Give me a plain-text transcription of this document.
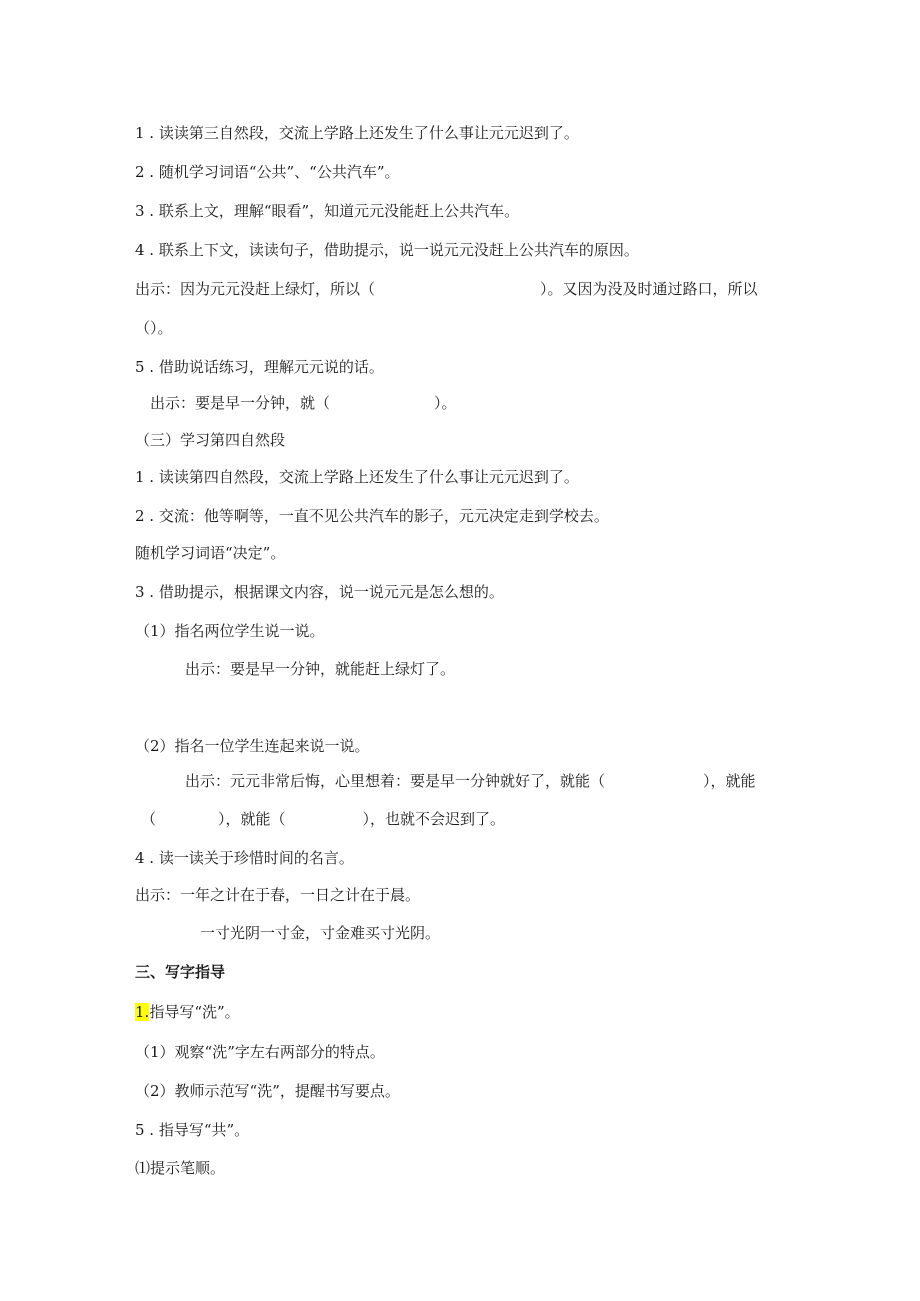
1 . 读读第三自然段，交流上学路上还发生了什么事让元元迟到了。

2 . 随机学习词语“公共”、“公共汽车”。

3 . 联系上文，理解“眼看”，知道元元没能赶上公共汽车。

4 . 联系上下文，读读句子，借助提示，说一说元元没赶上公共汽车的原因。

出示：因为元元没赶上绿灯，所以（	）。又因为没及时通过路口，所以

（）。

5 . 借助说话练习，理解元元说的话。

出示：要是早一分钟，就（	）。

（三）学习第四自然段

1 . 读读第四自然段，交流上学路上还发生了什么事让元元迟到了。

2 . 交流：他等啊等，一直不见公共汽车的影子，元元决定走到学校去。

随机学习词语“决定”。

3 . 借助提示，根据课文内容，说一说元元是怎么想的。

（1）指名两位学生说一说。

出示：要是早一分钟，就能赶上绿灯了。

（2）指名一位学生连起来说一说。

出示：元元非常后悔，心里想着：要是早一分钟就好了，就能（	），就能

（	），就能（	），也就不会迟到了。

4 . 读一读关于珍惜时间的名言。

出示：一年之计在于春，一日之计在于晨。

一寸光阴一寸金，寸金难买寸光阴。

三、写字指导

1.指导写“洗”。

（1）观察“洗”字左右两部分的特点。

（2）教师示范写“洗”，提醒书写要点。

5 . 指导写“共”。

⑴提示笔顺。
